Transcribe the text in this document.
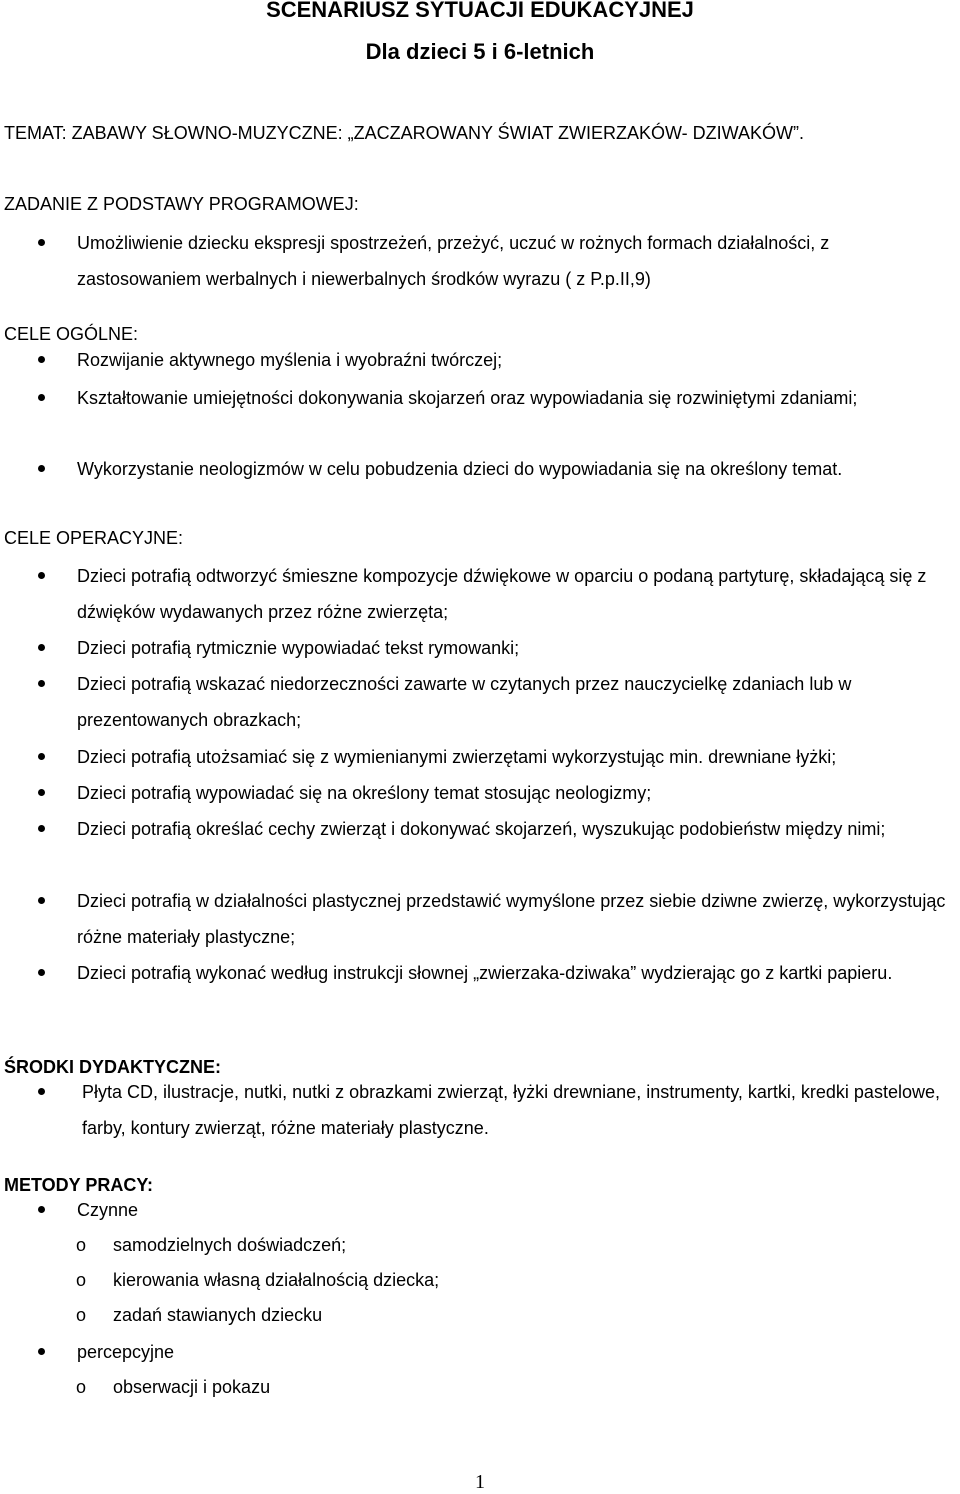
SCENARIUSZ SYTUACJI EDUKACYJNEJ
Dla dzieci 5 i 6-letnich

TEMAT: ZABAWY SŁOWNO-MUZYCZNE: „ZACZAROWANY ŚWIAT ZWIERZAKÓW- DZIWAKÓW”.

ZADANIE Z PODSTAWY PROGRAMOWEJ:

Umożliwienie dziecku ekspresji spostrzeżeń, przeżyć, uczuć w rożnych formach działalności, z zastosowaniem werbalnych i niewerbalnych środków wyrazu ( z P.p.II,9)

CELE OGÓLNE:

Rozwijanie aktywnego myślenia i wyobraźni twórczej;
Kształtowanie umiejętności dokonywania skojarzeń oraz wypowiadania się rozwiniętymi zdaniami;
Wykorzystanie neologizmów w celu pobudzenia dzieci do wypowiadania się na określony temat.

CELE OPERACYJNE:

Dzieci potrafią odtworzyć śmieszne kompozycje dźwiękowe w oparciu o podaną partyturę, składającą się z dźwięków wydawanych przez różne zwierzęta;
Dzieci potrafią rytmicznie wypowiadać tekst rymowanki;
Dzieci potrafią wskazać niedorzeczności zawarte w czytanych przez nauczycielkę zdaniach lub w prezentowanych obrazkach;
Dzieci potrafią utożsamiać się z wymienianymi zwierzętami wykorzystując min. drewniane łyżki;
Dzieci potrafią wypowiadać się na określony temat stosując neologizmy;
Dzieci potrafią określać cechy zwierząt i dokonywać skojarzeń, wyszukując podobieństw między nimi;
Dzieci potrafią w działalności plastycznej przedstawić wymyślone przez siebie dziwne zwierzę, wykorzystując różne materiały plastyczne;
Dzieci potrafią wykonać według instrukcji słownej „zwierzaka-dziwaka” wydzierając go z kartki papieru.

ŚRODKI DYDAKTYCZNE:

Płyta CD, ilustracje, nutki, nutki z obrazkami zwierząt, łyżki drewniane, instrumenty, kartki, kredki pastelowe, farby, kontury zwierząt, różne materiały plastyczne.

METODY PRACY:

Czynne
o samodzielnych doświadczeń;
o kierowania własną działalnością dziecka;
o zadań stawianych dziecku
percepcyjne
o obserwacji i pokazu
1
